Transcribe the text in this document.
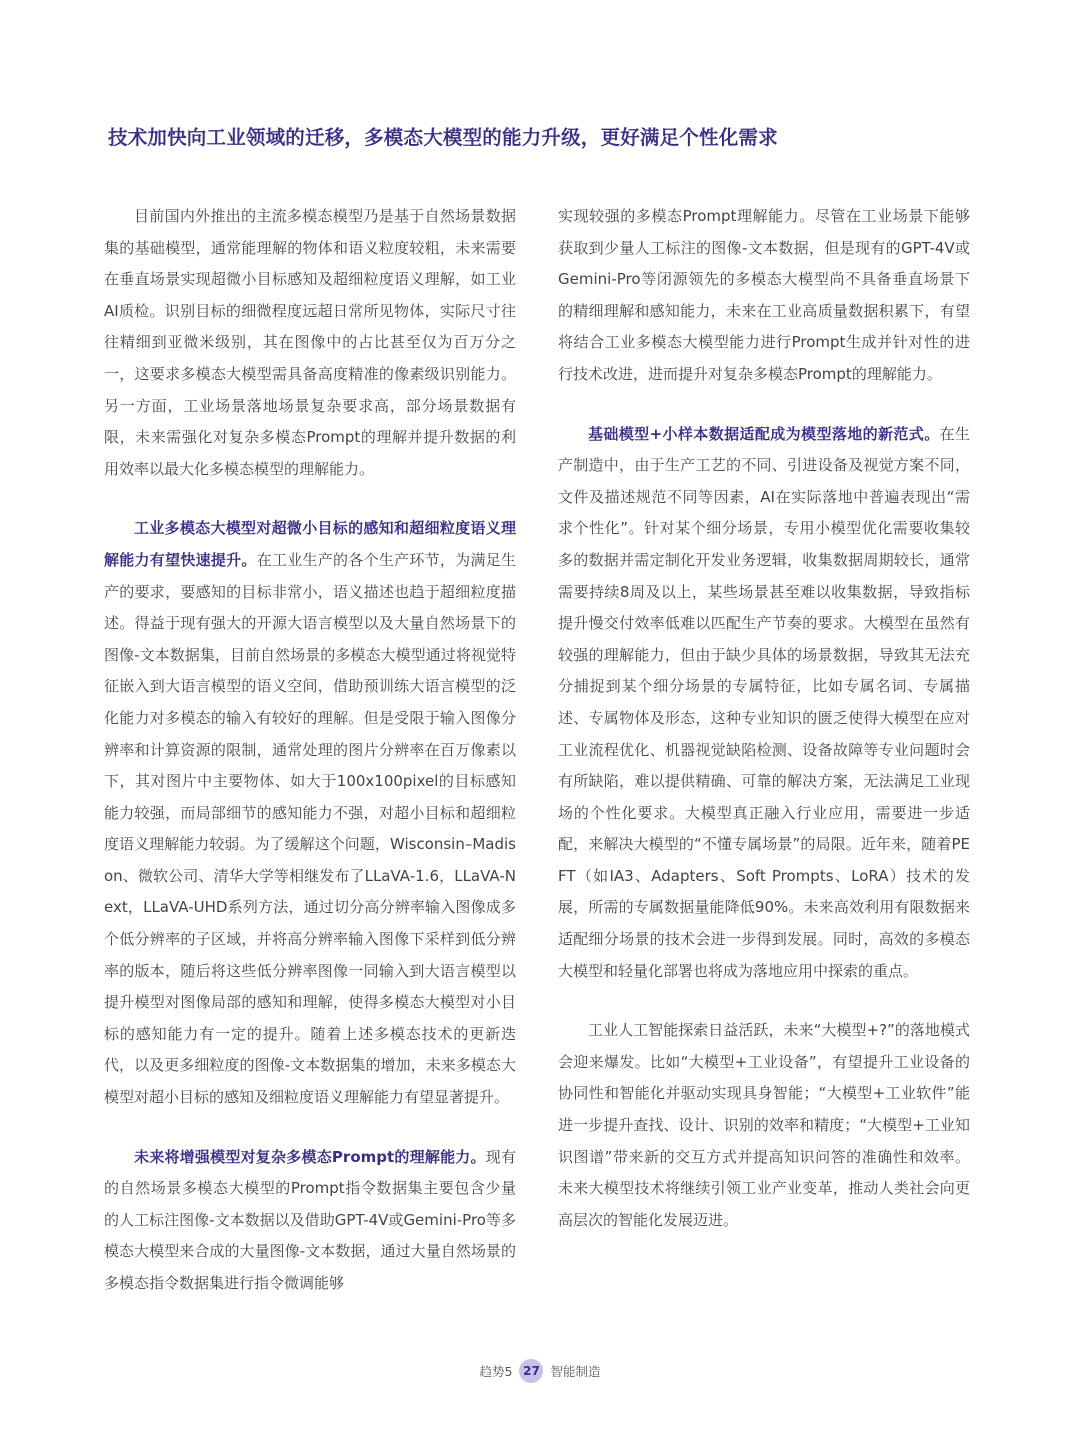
技术加快向工业领域的迁移，多模态大模型的能力升级，更好满足个性化需求

目前国内外推出的主流多模态模型乃是基于自然场景数据集的基础模型，通常能理解的物体和语义粒度较粗，未来需要在垂直场景实现超微小目标感知及超细粒度语义理解，如工业AI质检。识别目标的细微程度远超日常所见物体，实际尺寸往往精细到亚微米级别，其在图像中的占比甚至仅为百万分之一，这要求多模态大模型需具备高度精准的像素级识别能力。另一方面，工业场景落地场景复杂要求高，部分场景数据有限，未来需强化对复杂多模态Prompt的理解并提升数据的利用效率以最大化多模态模型的理解能力。

工业多模态大模型对超微小目标的感知和超细粒度语义理解能力有望快速提升。在工业生产的各个生产环节，为满足生产的要求，要感知的目标非常小，语义描述也趋于超细粒度描述。得益于现有强大的开源大语言模型以及大量自然场景下的图像-文本数据集，目前自然场景的多模态大模型通过将视觉特征嵌入到大语言模型的语义空间，借助预训练大语言模型的泛化能力对多模态的输入有较好的理解。但是受限于输入图像分辨率和计算资源的限制，通常处理的图片分辨率在百万像素以下，其对图片中主要物体、如大于100x100pixel的目标感知能力较强，而局部细节的感知能力不强，对超小目标和超细粒度语义理解能力较弱。为了缓解这个问题，Wisconsin–Madison、微软公司、清华大学等相继发布了LLaVA-1.6，LLaVA-Next，LLaVA-UHD系列方法，通过切分高分辨率输入图像成多个低分辨率的子区域，并将高分辨率输入图像下采样到低分辨率的版本，随后将这些低分辨率图像一同输入到大语言模型以提升模型对图像局部的感知和理解，使得多模态大模型对小目标的感知能力有一定的提升。随着上述多模态技术的更新迭代，以及更多细粒度的图像-文本数据集的增加，未来多模态大模型对超小目标的感知及细粒度语义理解能力有望显著提升。

未来将增强模型对复杂多模态Prompt的理解能力。现有的自然场景多模态大模型的Prompt指令数据集主要包含少量的人工标注图像-文本数据以及借助GPT-4V或Gemini-Pro等多模态大模型来合成的大量图像-文本数据，通过大量自然场景的多模态指令数据集进行指令微调能够

实现较强的多模态Prompt理解能力。尽管在工业场景下能够获取到少量人工标注的图像-文本数据，但是现有的GPT-4V或Gemini-Pro等闭源领先的多模态大模型尚不具备垂直场景下的精细理解和感知能力，未来在工业高质量数据积累下，有望将结合工业多模态大模型能力进行Prompt生成并针对性的进行技术改进，进而提升对复杂多模态Prompt的理解能力。

基础模型+小样本数据适配成为模型落地的新范式。在生产制造中，由于生产工艺的不同、引进设备及视觉方案不同，文件及描述规范不同等因素，AI在实际落地中普遍表现出“需求个性化”。针对某个细分场景，专用小模型优化需要收集较多的数据并需定制化开发业务逻辑，收集数据周期较长，通常需要持续8周及以上，某些场景甚至难以收集数据，导致指标提升慢交付效率低难以匹配生产节奏的要求。大模型在虽然有较强的理解能力，但由于缺少具体的场景数据，导致其无法充分捕捉到某个细分场景的专属特征，比如专属名词、专属描述、专属物体及形态，这种专业知识的匮乏使得大模型在应对工业流程优化、机器视觉缺陷检测、设备故障等专业问题时会有所缺陷，难以提供精确、可靠的解决方案，无法满足工业现场的个性化要求。大模型真正融入行业应用，需要进一步适配，来解决大模型的“不懂专属场景”的局限。近年来，随着PEFT（如IA3、Adapters、Soft Prompts、LoRA）技术的发展，所需的专属数据量能降低90%。未来高效利用有限数据来适配细分场景的技术会进一步得到发展。同时，高效的多模态大模型和轻量化部署也将成为落地应用中探索的重点。

工业人工智能探索日益活跃，未来“大模型+?”的落地模式会迎来爆发。比如“大模型+工业设备”，有望提升工业设备的协同性和智能化并驱动实现具身智能；“大模型+工业软件”能进一步提升查找、设计、识别的效率和精度；“大模型+工业知识图谱”带来新的交互方式并提高知识问答的准确性和效率。未来大模型技术将继续引领工业产业变革，推动人类社会向更高层次的智能化发展迈进。

趋势5 27 智能制造
